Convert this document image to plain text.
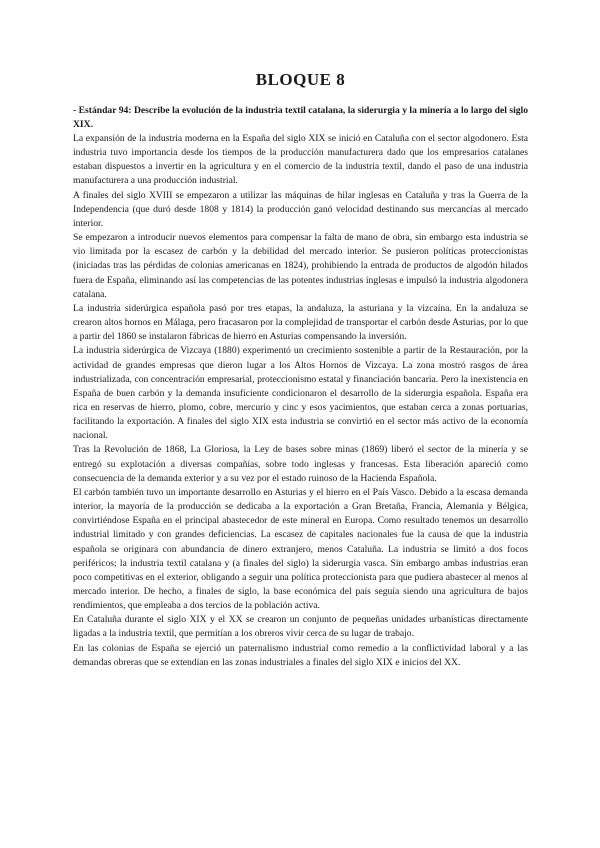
BLOQUE 8

- Estándar 94: Describe la evolución de la industria textil catalana, la siderurgia y la minería a lo largo del siglo XIX.

La expansión de la industria moderna en la España del siglo XIX se inició en Cataluña con el sector algodonero. Esta industria tuvo importancia desde los tiempos de la producción manufacturera dado que los empresarios catalanes estaban dispuestos a invertir en la agricultura y en el comercio de la industria textil, dando el paso de una industria manufacturera a una producción industrial.

A finales del siglo XVIII se empezaron a utilizar las máquinas de hilar inglesas en Cataluña y tras la Guerra de la Independencia (que duró desde 1808 y 1814) la producción ganó velocidad destinando sus mercancías al mercado interior.

Se empezaron a introducir nuevos elementos para compensar la falta de mano de obra, sin embargo esta industria se vio limitada por la escasez de carbón y la debilidad del mercado interior. Se pusieron políticas proteccionistas (iniciadas tras las pérdidas de colonias americanas en 1824), prohibiendo la entrada de productos de algodón hilados fuera de España, eliminando así las competencias de las potentes industrias inglesas e impulsó la industria algodonera catalana.

La industria siderúrgica española pasó por tres etapas, la andaluza, la asturiana y la vizcaína. En la andaluza se crearon altos hornos en Málaga, pero fracasaron por la complejidad de transportar el carbón desde Asturias, por lo que a partir del 1860 se instalaron fábricas de hierro en Asturias compensando la inversión.

La industria siderúrgica de Vizcaya (1880) experimentó un crecimiento sostenible a partir de la Restauración, por la actividad de grandes empresas que dieron lugar a los Altos Hornos de Vizcaya. La zona mostró rasgos de área industrializada, con concentración empresarial, proteccionismo estatal y financiación bancaria. Pero la inexistencia en España de buen carbón y la demanda insuficiente condicionaron el desarrollo de la siderurgia española. España era rica en reservas de hierro, plomo, cobre, mercurio y cinc y esos yacimientos, que estaban cerca a zonas portuarias, facilitando la exportación. A finales del siglo XIX esta industria se convirtió en el sector más activo de la economía nacional.

Tras la Revolución de 1868, La Gloriosa, la Ley de bases sobre minas (1869) liberó el sector de la minería y se entregó su explotación a diversas compañías, sobre todo inglesas y francesas. Esta liberación apareció como consecuencia de la demanda exterior y a su vez por el estado ruinoso de la Hacienda Española.

El carbón también tuvo un importante desarrollo en Asturias y el hierro en el País Vasco. Debido a la escasa demanda interior, la mayoría de la producción se dedicaba a la exportación a Gran Bretaña, Francia, Alemania y Bélgica, convirtiéndose España en el principal abastecedor de este mineral en Europa. Como resultado tenemos un desarrollo industrial limitado y con grandes deficiencias. La escasez de capitales nacionales fue la causa de que la industria española se originara con abundancia de dinero extranjero, menos Cataluña. La industria se limitó a dos focos periféricos; la industria textil catalana y (a finales del siglo) la siderurgia vasca. Sin embargo ambas industrias eran poco competitivas en el exterior, obligando a seguir una política proteccionista para que pudiera abastecer al menos al mercado interior. De hecho, a finales de siglo, la base económica del país seguía siendo una agricultura de bajos rendimientos, que empleaba a dos tercios de la población activa.

En Cataluña durante el siglo XIX y el XX se crearon un conjunto de pequeñas unidades urbanísticas directamente ligadas a la industria textil, que permitían a los obreros vivir cerca de su lugar de trabajo.

En las colonias de España se ejerció un paternalismo industrial como remedio a la conflictividad laboral y a las demandas obreras que se extendían en las zonas industriales a finales del siglo XIX e inicios del XX.
